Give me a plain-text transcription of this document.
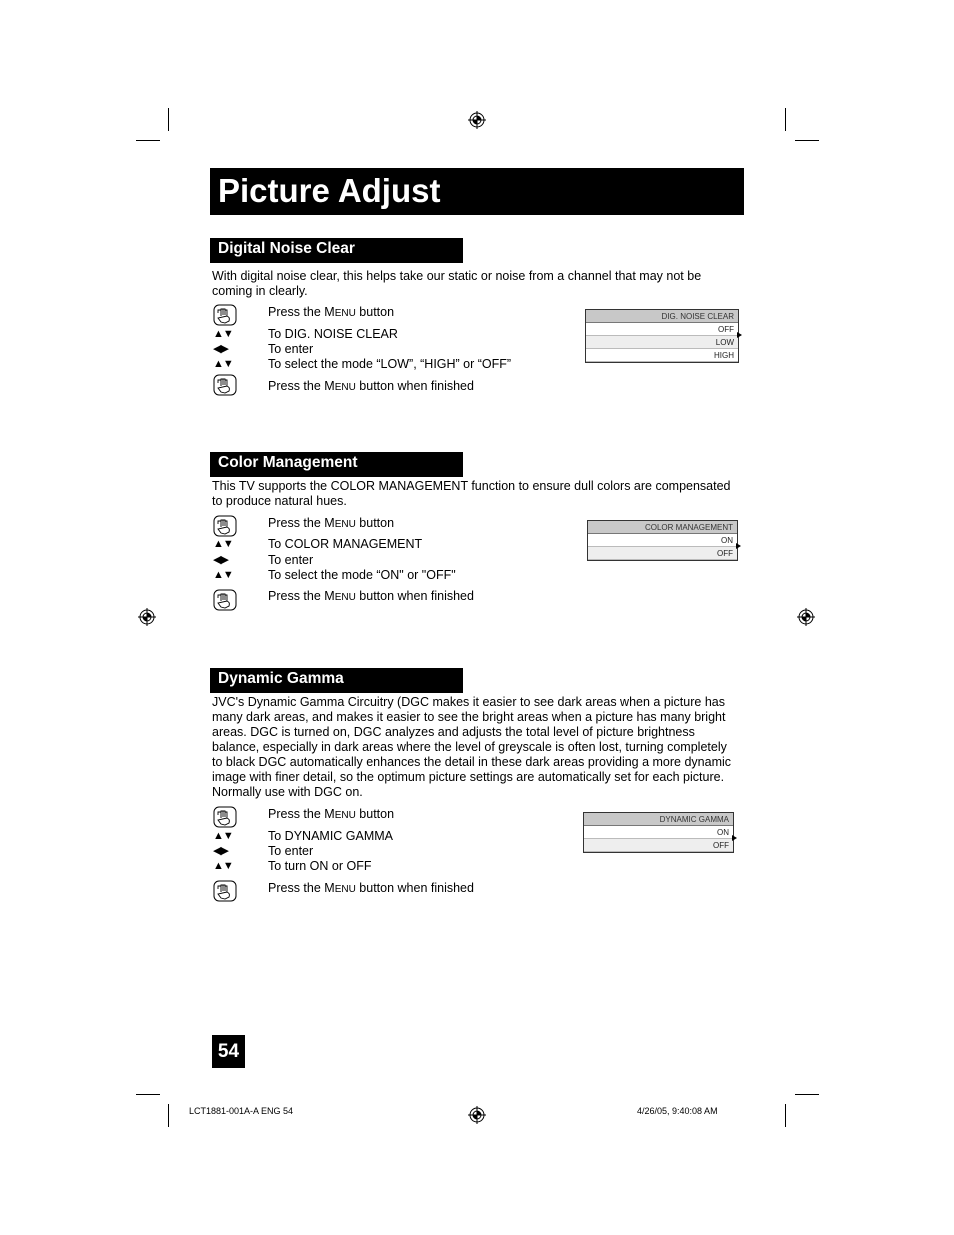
Picture Adjust
Digital Noise Clear
With digital noise clear, this helps take our static or noise from a channel that may not be coming in clearly.
Press the MENU button
▲▼	To DIG. NOISE CLEAR
◀▶	To enter
▲▼	To select the mode “LOW”, “HIGH” or “OFF”
Press the MENU button when finished
DIG. NOISE CLEAR
OFF
LOW
HIGH
Color Management
This TV supports the COLOR MANAGEMENT function to ensure dull colors are compensated to produce natural hues.
Press the MENU button
▲▼	To COLOR MANAGEMENT
◀▶	To enter
▲▼	To select the mode “ON" or "OFF"
Press the MENU button when finished
COLOR MANAGEMENT
ON
OFF
Dynamic Gamma
JVC's Dynamic Gamma Circuitry (DGC makes it easier to see dark areas when a picture has many dark areas, and makes it easier to see the bright areas when a picture has many bright areas. DGC is turned on, DGC analyzes and adjusts the total level of picture brightness balance, especially in dark areas where the level of greyscale is often lost, turning completely to black DGC automatically enhances the detail in these dark areas providing a more dynamic image with finer detail, so the optimum picture settings are automatically set for each picture. Normally use with DGC on.
Press the MENU button
▲▼	To DYNAMIC GAMMA
◀▶	To enter
▲▼	To turn ON or OFF
Press the MENU button when finished
DYNAMIC GAMMA
ON
OFF
54
LCT1881-001A-A ENG 54	4/26/05, 9:40:08 AM
